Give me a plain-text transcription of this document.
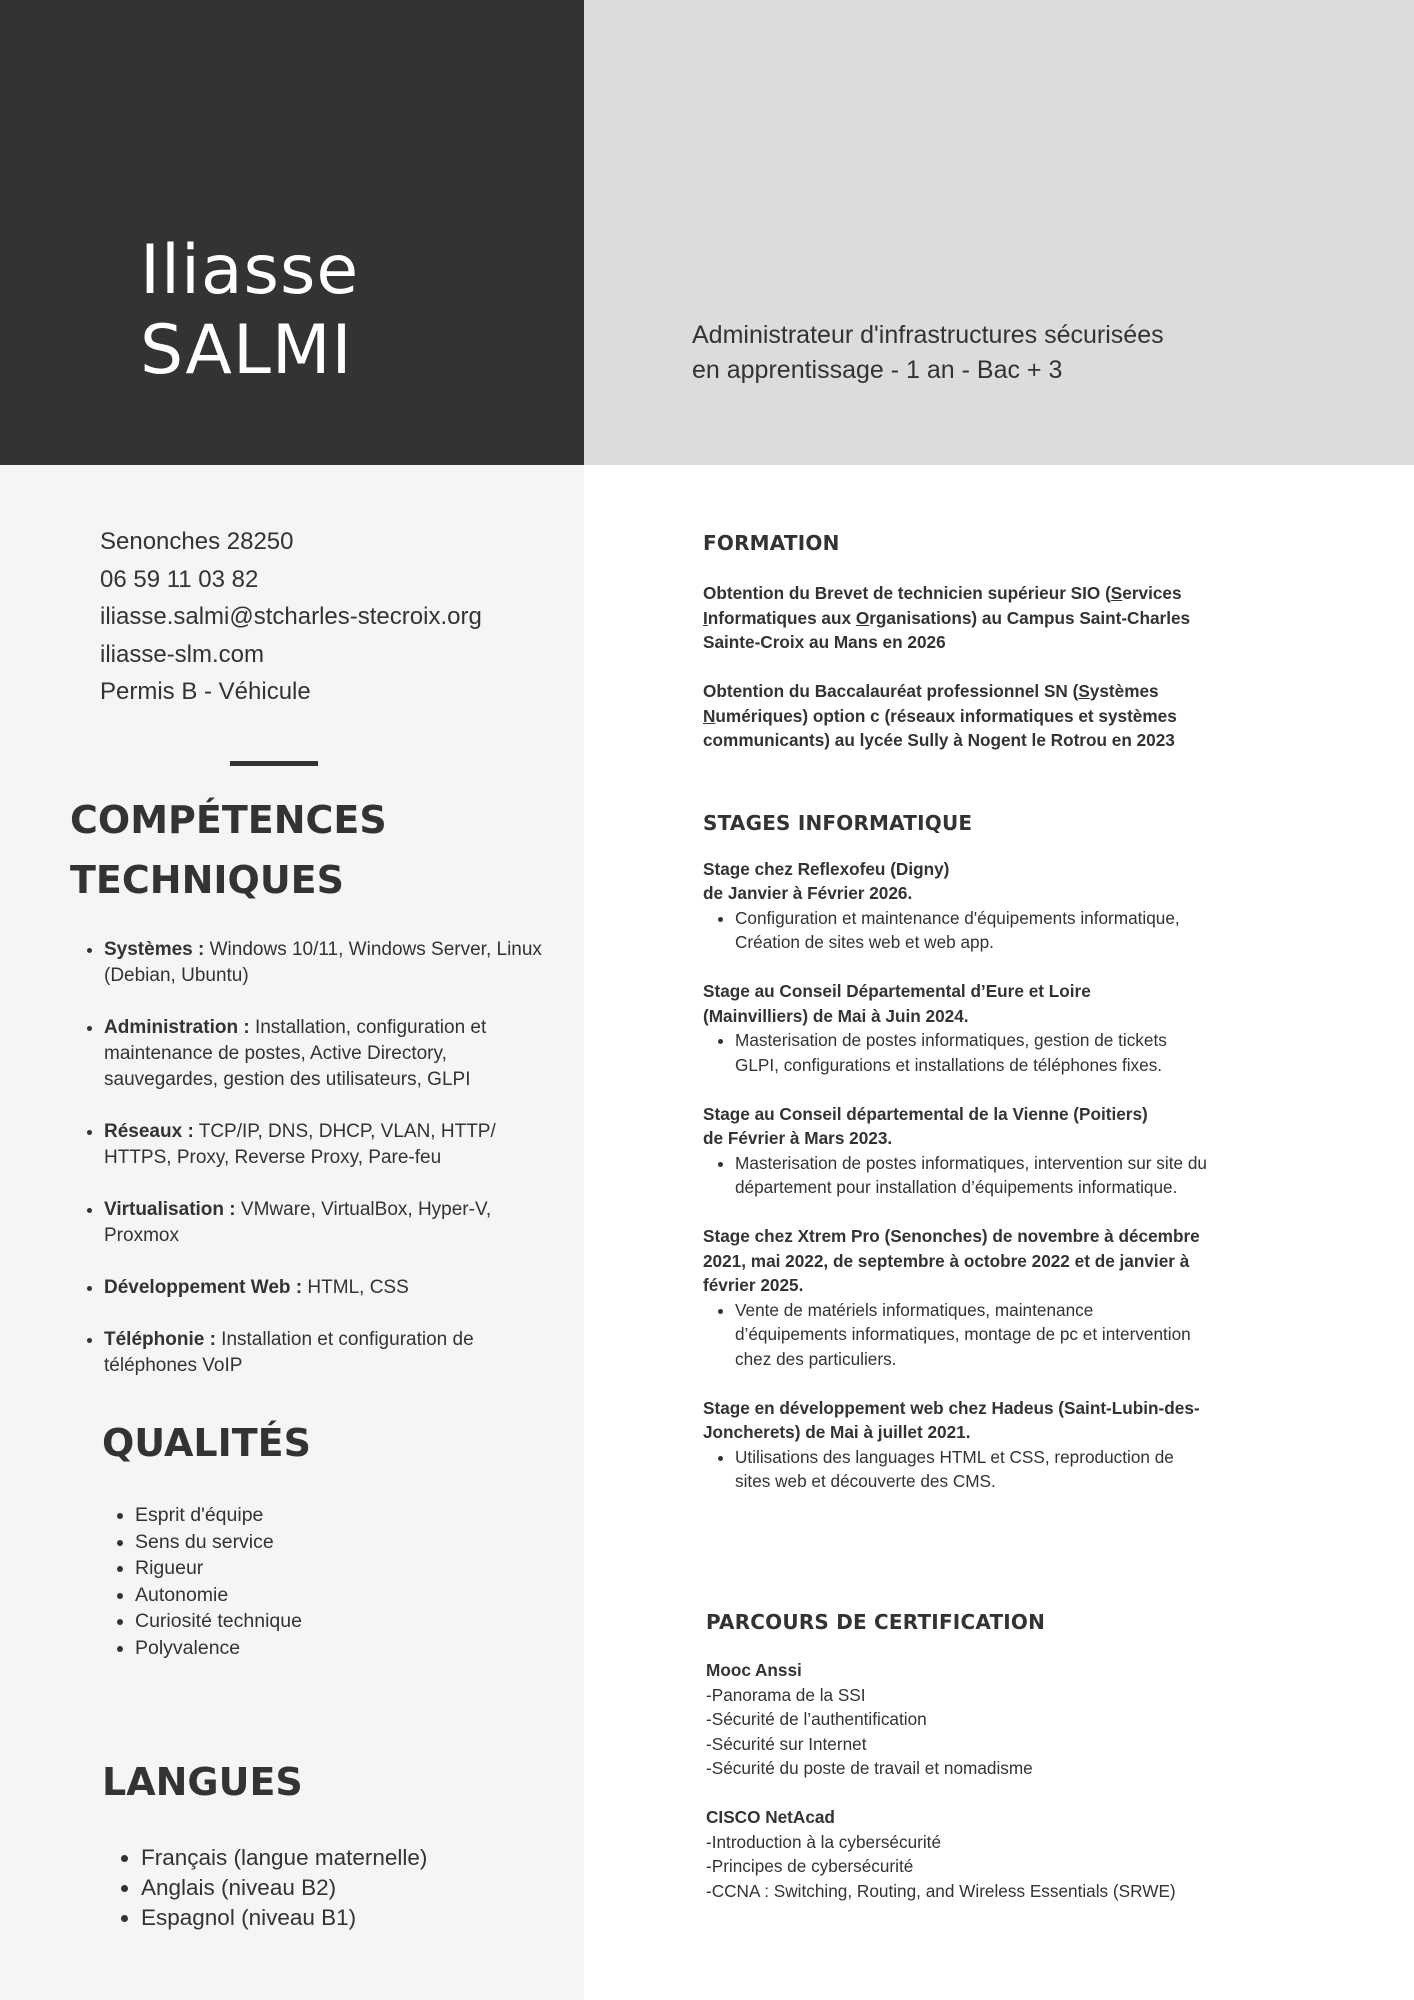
Iliasse
SALMI	Administrateur d'infrastructures sécurisées
en apprentissage - 1 an - Bac + 3
Senonches 28250
06 59 11 03 82
iliasse.salmi@stcharles-stecroix.org
iliasse-slm.com
Permis B - Véhicule
COMPÉTENCES
TECHNIQUES
• Systèmes : Windows 10/11, Windows Server, Linux (Debian, Ubuntu)
• Administration : Installation, configuration et maintenance de postes, Active Directory, sauvegardes, gestion des utilisateurs, GLPI
• Réseaux : TCP/IP, DNS, DHCP, VLAN, HTTP/ HTTPS, Proxy, Reverse Proxy, Pare-feu
• Virtualisation : VMware, VirtualBox, Hyper-V, Proxmox
• Développement Web : HTML, CSS
• Téléphonie : Installation et configuration de téléphones VoIP
QUALITÉS
• Esprit d'équipe
• Sens du service
• Rigueur
• Autonomie
• Curiosité technique
• Polyvalence
LANGUES
• Français (langue maternelle)
• Anglais (niveau B2)
• Espagnol (niveau B1)
FORMATION
Obtention du Brevet de technicien supérieur SIO (Services Informatiques aux Organisations) au Campus Saint-Charles Sainte-Croix au Mans en 2026
Obtention du Baccalauréat professionnel SN (Systèmes Numériques) option c (réseaux informatiques et systèmes communicants) au lycée Sully à Nogent le Rotrou en 2023
STAGES INFORMATIQUE
Stage chez Reflexofeu (Digny)
de Janvier à Février 2026.
• Configuration et maintenance d'équipements informatique, Création de sites web et web app.
Stage au Conseil Départemental d’Eure et Loire
(Mainvilliers) de Mai à Juin 2024.
• Masterisation de postes informatiques, gestion de tickets GLPI, configurations et installations de téléphones fixes.
Stage au Conseil départemental de la Vienne (Poitiers)
de Février à Mars 2023.
• Masterisation de postes informatiques, intervention sur site du département pour installation d’équipements informatique.
Stage chez Xtrem Pro (Senonches) de novembre à décembre 2021, mai 2022, de septembre à octobre 2022 et de janvier à février 2025.
• Vente de matériels informatiques, maintenance d’équipements informatiques, montage de pc et intervention chez des particuliers.
Stage en développement web chez Hadeus (Saint-Lubin-des-Joncherets) de Mai à juillet 2021.
• Utilisations des languages HTML et CSS, reproduction de sites web et découverte des CMS.
PARCOURS DE CERTIFICATION
Mooc Anssi
-Panorama de la SSI
-Sécurité de l’authentification
-Sécurité sur Internet
-Sécurité du poste de travail et nomadisme
CISCO NetAcad
-Introduction à la cybersécurité
-Principes de cybersécurité
-CCNA : Switching, Routing, and Wireless Essentials (SRWE)
